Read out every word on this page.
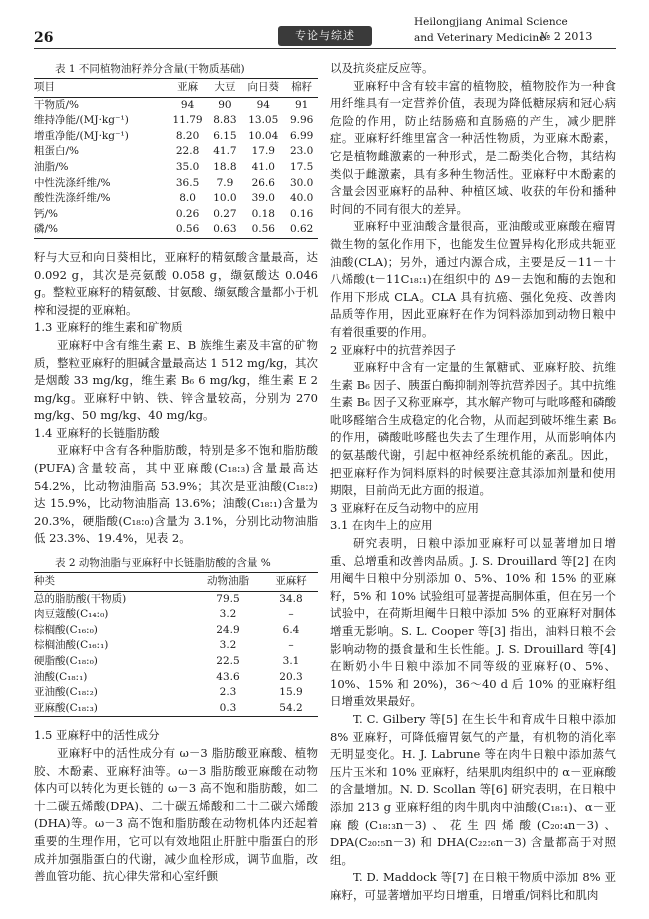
26	专论与综述
Heilongjiang Animal Science
and Veterinary Medicine
№ 2 2013

表 1 不同植物油籽养分含量(干物质基础)

项目	亚麻	大豆	向日葵	棉籽
干物质/%	94	90	94	91
维持净能/(MJ·kg⁻¹)	11.79	8.83	13.05	9.96
增重净能/(MJ·kg⁻¹)	8.20	6.15	10.04	6.99
粗蛋白/%	22.8	41.7	17.9	23.0
油脂/%	35.0	18.8	41.0	17.5
中性洗涤纤维/%	36.5	7.9	26.6	30.0
酸性洗涤纤维/%	8.0	10.0	39.0	40.0
钙/%	0.26	0.27	0.18	0.16
磷/%	0.56	0.63	0.56	0.62

籽与大豆和向日葵相比，亚麻籽的精氨酸含量最高，达 0.092 g，其次是亮氨酸 0.058 g，缬氨酸达 0.046 g。整粒亚麻籽的精氨酸、甘氨酸、缬氨酸含量都小于机榨和浸提的亚麻粕。

1.3 亚麻籽的维生素和矿物质

亚麻籽中含有维生素 E、B 族维生素及丰富的矿物质，整粒亚麻籽的胆碱含量最高达 1 512 mg/kg，其次是烟酸 33 mg/kg，维生素 B₆ 6 mg/kg，维生素 E 2 mg/kg。亚麻籽中钠、铁、锌含量较高，分别为 270 mg/kg、50 mg/kg、40 mg/kg。

1.4 亚麻籽的长链脂肪酸

亚麻籽中含有各种脂肪酸，特别是多不饱和脂肪酸(PUFA)含量较高，其中亚麻酸(C₁₈:₃)含量最高达 54.2%，比动物油脂高 53.9%；其次是亚油酸(C₁₈:₂)达 15.9%，比动物油脂高 13.6%；油酸(C₁₈:₁)含量为 20.3%，硬脂酸(C₁₈:₀)含量为 3.1%，分别比动物油脂低 23.3%、19.4%，见表 2。

表 2 动物油脂与亚麻籽中长链脂肪酸的含量 %

种类	动物油脂	亚麻籽
总的脂肪酸(干物质)	79.5	34.8
肉豆蔻酸(C₁₄:₀)	3.2	–
棕榈酸(C₁₆:₀)	24.9	6.4
棕榈油酸(C₁₆:₁)	3.2	–
硬脂酸(C₁₈:₀)	22.5	3.1
油酸(C₁₈:₁)	43.6	20.3
亚油酸(C₁₈:₂)	2.3	15.9
亚麻酸(C₁₈:₃)	0.3	54.2

1.5 亚麻籽中的活性成分

亚麻籽中的活性成分有 ω－3 脂肪酸亚麻酸、植物胶、木酚素、亚麻籽油等。ω－3 脂肪酸亚麻酸在动物体内可以转化为更长链的 ω－3 高不饱和脂肪酸，如二十二碳五烯酸(DPA)、二十碳五烯酸和二十二碳六烯酸(DHA)等。ω－3 高不饱和脂肪酸在动物机体内还起着重要的生理作用，它可以有效地阻止肝脏中脂蛋白的形成并加强脂蛋白的代谢，减少血栓形成，调节血脂，改善血管功能、抗心律失常和心室纤颤

以及抗炎症反应等。

亚麻籽中含有较丰富的植物胶，植物胶作为一种食用纤维具有一定营养价值，表现为降低糖尿病和冠心病危险的作用，防止结肠癌和直肠癌的产生，减少肥胖症。亚麻籽纤维里富含一种活性物质，为亚麻木酚素，它是植物雌激素的一种形式，是二酚类化合物，其结构类似于雌激素，具有多种生物活性。亚麻籽中木酚素的含量会因亚麻籽的品种、种植区域、收获的年份和播种时间的不同有很大的差异。

亚麻籽中亚油酸含量很高，亚油酸或亚麻酸在瘤胃微生物的氢化作用下，也能发生位置异构化形成共轭亚油酸(CLA)；另外，通过内源合成，主要是反－11－十八烯酸(t－11C₁₈:₁)在组织中的 Δ9－去饱和酶的去饱和作用下形成 CLA。CLA 具有抗癌、强化免疫、改善肉品质等作用，因此亚麻籽在作为饲料添加到动物日粮中有着很重要的作用。

2 亚麻籽中的抗营养因子

亚麻籽中含有一定量的生氰糖甙、亚麻籽胶、抗维生素 B₆ 因子、胰蛋白酶抑制剂等抗营养因子。其中抗维生素 B₆ 因子又称亚麻亭，其水解产物可与吡哆醛和磷酸吡哆醛缩合生成稳定的化合物，从而起到破坏维生素 B₆ 的作用，磷酸吡哆醛也失去了生理作用，从而影响体内的氨基酸代谢，引起中枢神经系统机能的紊乱。因此，把亚麻籽作为饲料原料的时候要注意其添加剂量和使用期限，目前尚无此方面的报道。

3 亚麻籽在反刍动物中的应用

3.1 在肉牛上的应用

研究表明，日粮中添加亚麻籽可以显著增加日增重、总增重和改善肉品质。J. S. Drouillard 等[2] 在肉用阉牛日粮中分别添加 0、5%、10% 和 15% 的亚麻籽，5% 和 10% 试验组可显著提高胴体重，但在另一个试验中，在荷斯坦阉牛日粮中添加 5% 的亚麻籽对胴体增重无影响。S. L. Cooper 等[3] 指出，油料日粮不会影响动物的摄食量和生长性能。J. S. Drouillard 等[4] 在断奶小牛日粮中添加不同等级的亚麻籽(0、5%、10%、15% 和 20%)，36～40 d 后 10% 的亚麻籽组日增重效果最好。

T. C. Gilbery 等[5] 在生长牛和育成牛日粮中添加 8% 亚麻籽，可降低瘤胃氨气的产量，有机物的消化率无明显变化。H. J. Labrune 等在肉牛日粮中添加蒸气压片玉米和 10% 亚麻籽，结果肌肉组织中的 α－亚麻酸的含量增加。N. D. Scollan 等[6] 研究表明，在日粮中添加 213 g 亚麻籽组的肉牛肌肉中油酸(C₁₈:₁)、α－亚麻酸(C₁₈:₃n－3)、花生四烯酸(C₂₀:₄n－3)、DPA(C₂₀:₅n－3) 和 DHA(C₂₂:₆n－3) 含量都高于对照组。

T. D. Maddock 等[7] 在日粮干物质中添加 8% 亚麻籽，可显著增加平均日增重，日增重/饲料比和肌肉
